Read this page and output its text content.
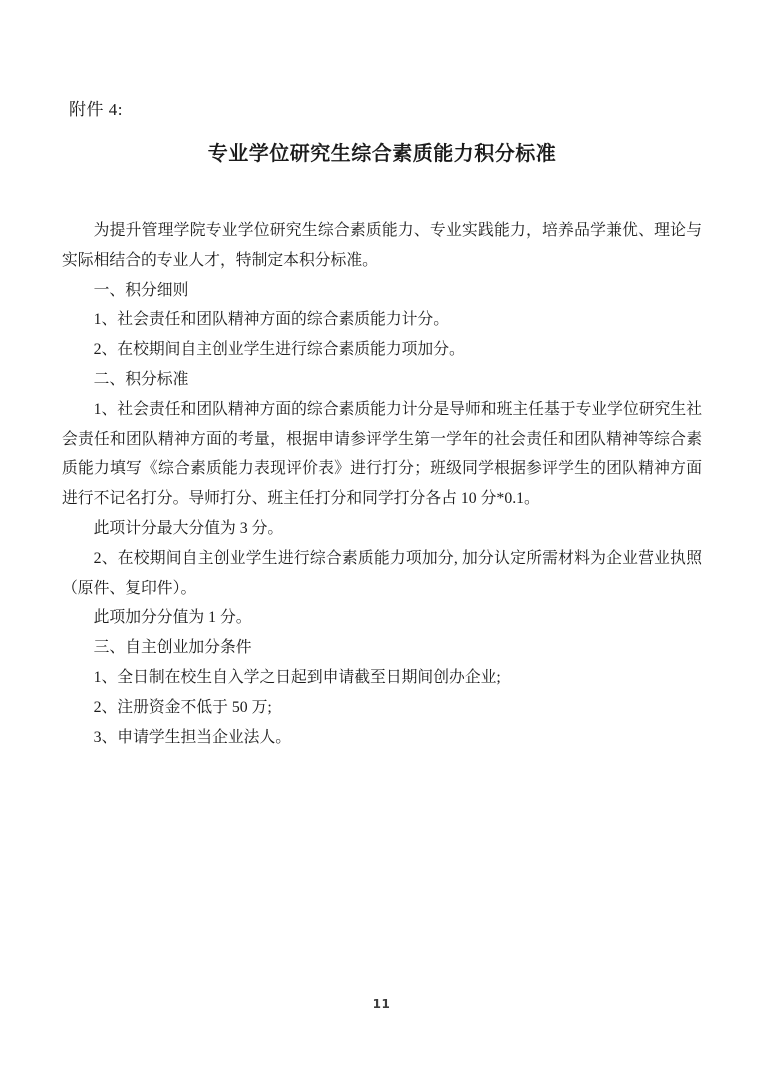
附件 4:

专业学位研究生综合素质能力积分标准

为提升管理学院专业学位研究生综合素质能力、专业实践能力，培养品学兼优、理论与实际相结合的专业人才，特制定本积分标准。

一、积分细则

1、社会责任和团队精神方面的综合素质能力计分。

2、在校期间自主创业学生进行综合素质能力项加分。

二、积分标准

1、社会责任和团队精神方面的综合素质能力计分是导师和班主任基于专业学位研究生社会责任和团队精神方面的考量，根据申请参评学生第一学年的社会责任和团队精神等综合素质能力填写《综合素质能力表现评价表》进行打分；班级同学根据参评学生的团队精神方面进行不记名打分。导师打分、班主任打分和同学打分各占 10 分*0.1。

此项计分最大分值为 3 分。

2、在校期间自主创业学生进行综合素质能力项加分, 加分认定所需材料为企业营业执照（原件、复印件）。

此项加分分值为 1 分。

三、自主创业加分条件

1、全日制在校生自入学之日起到申请截至日期间创办企业;

2、注册资金不低于 50 万;

3、申请学生担当企业法人。

11
